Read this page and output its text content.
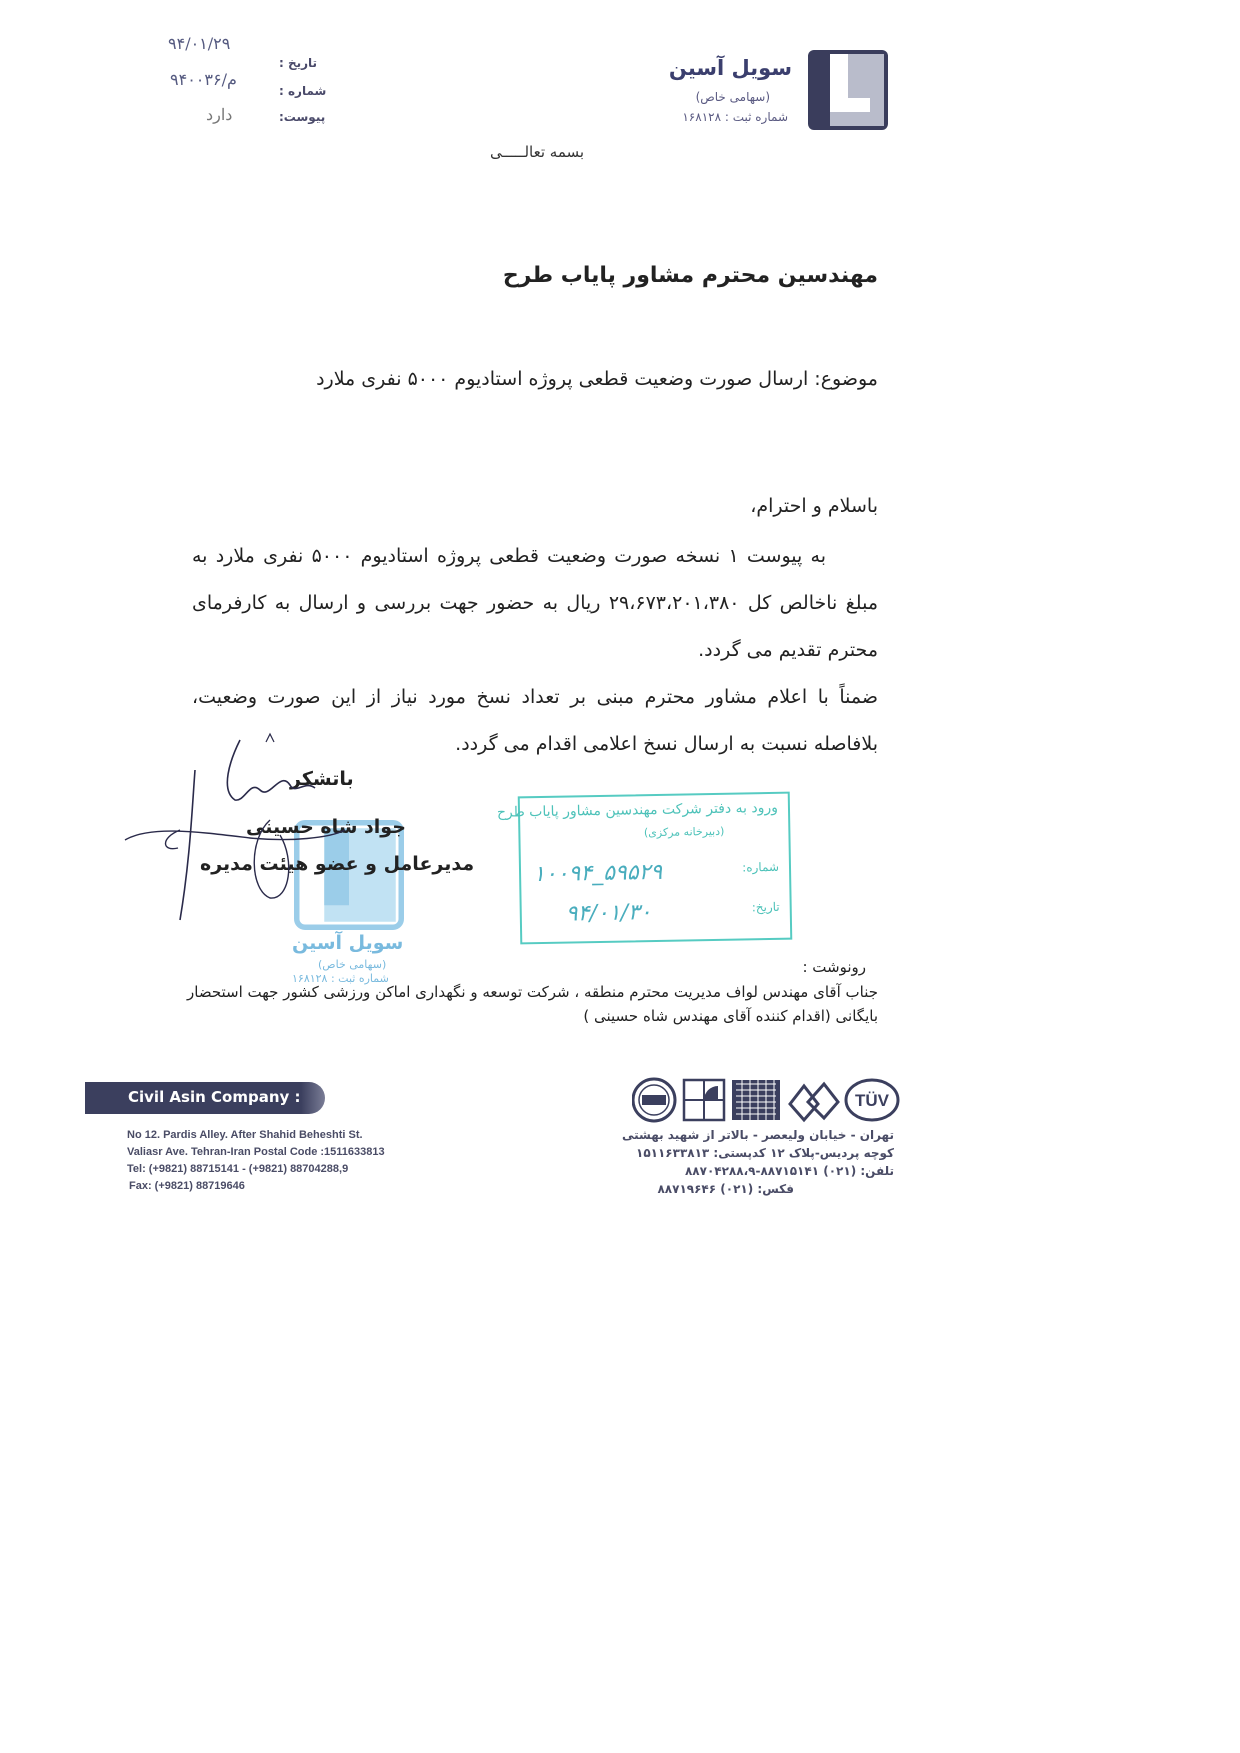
سویل آسین
(سهامی خاص)
شماره ثبت : ۱۶۸۱۲۸
تاریخ :
شماره :
پیوست:
۹۴/۰۱/۲۹
۹۴۰۰۳۶/م
دارد
بسمه تعالـــــی
مهندسین محترم مشاور پایاب طرح
موضوع: ارسال صورت وضعیت قطعی پروژه استادیوم ۵۰۰۰ نفری ملارد
باسلام و احترام،
به پیوست ۱ نسخه صورت وضعیت قطعی پروژه استادیوم ۵۰۰۰ نفری ملارد به مبلغ ناخالص کل ۲۹،۶۷۳،۲۰۱،۳۸۰ ریال به حضور جهت بررسی و ارسال به کارفرمای محترم تقدیم می گردد.
ضمناً با اعلام مشاور محترم مبنی بر تعداد نسخ مورد نیاز از این صورت وضعیت، بلافاصله نسبت به ارسال نسخ اعلامی اقدام می گردد.
سویل آسین
(سهامی خاص)
شماره ثبت : ۱۶۸۱۲۸
باتشکر
جواد شاه حسینی
مدیرعامل و عضو هیئت مدیره
ورود به دفتر شرکت مهندسین مشاور پایاب طرح
(دبیرخانه مرکزی)
شماره:
۱۰۰۹۴_۵۹۵۲۹
تاریخ:
۹۴/۰۱/۳۰
رونوشت :
جناب آقای مهندس لواف مدیریت محترم منطقه ، شرکت توسعه و نگهداری اماکن ورزشی کشور جهت استحضار بایگانی (اقدام کننده آقای مهندس شاه حسینی )
Civil Asin Company :
No 12. Pardis Alley. After Shahid Beheshti St.
Valiasr Ave. Tehran-Iran Postal Code :1511633813
Tel: (+9821) 88715141 - (+9821) 88704288,9
Fax: (+9821) 88719646
TÜV
تهران - خیابان ولیعصر - بالاتر از شهید بهشتی
کوچه پردیس-پلاک ۱۲ کدپستی: ۱۵۱۱۶۳۳۸۱۳
تلفن: (۰۲۱) ۸۸۷۱۵۱۴۱-۸۸۷۰۴۲۸۸،۹
فکس: (۰۲۱) ۸۸۷۱۹۶۴۶
